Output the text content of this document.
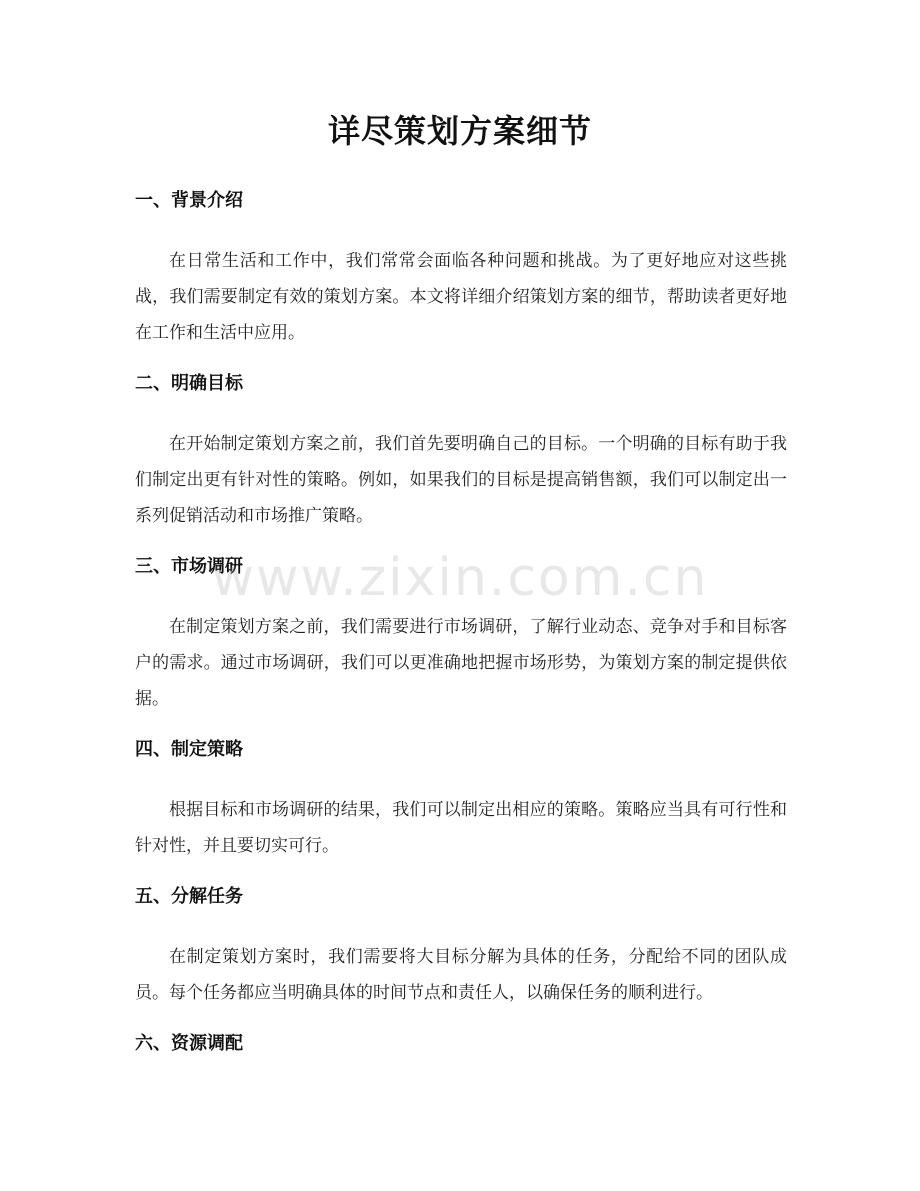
详尽策划方案细节
一、背景介绍

在日常生活和工作中，我们常常会面临各种问题和挑战。为了更好地应对这些挑战，我们需要制定有效的策划方案。本文将详细介绍策划方案的细节，帮助读者更好地在工作和生活中应用。

二、明确目标

在开始制定策划方案之前，我们首先要明确自己的目标。一个明确的目标有助于我们制定出更有针对性的策略。例如，如果我们的目标是提高销售额，我们可以制定出一系列促销活动和市场推广策略。

三、市场调研

在制定策划方案之前，我们需要进行市场调研，了解行业动态、竞争对手和目标客户的需求。通过市场调研，我们可以更准确地把握市场形势，为策划方案的制定提供依据。

四、制定策略

根据目标和市场调研的结果，我们可以制定出相应的策略。策略应当具有可行性和针对性，并且要切实可行。

五、分解任务

在制定策划方案时，我们需要将大目标分解为具体的任务，分配给不同的团队成员。每个任务都应当明确具体的时间节点和责任人，以确保任务的顺利进行。

六、资源调配
www.zixin.com.cn
